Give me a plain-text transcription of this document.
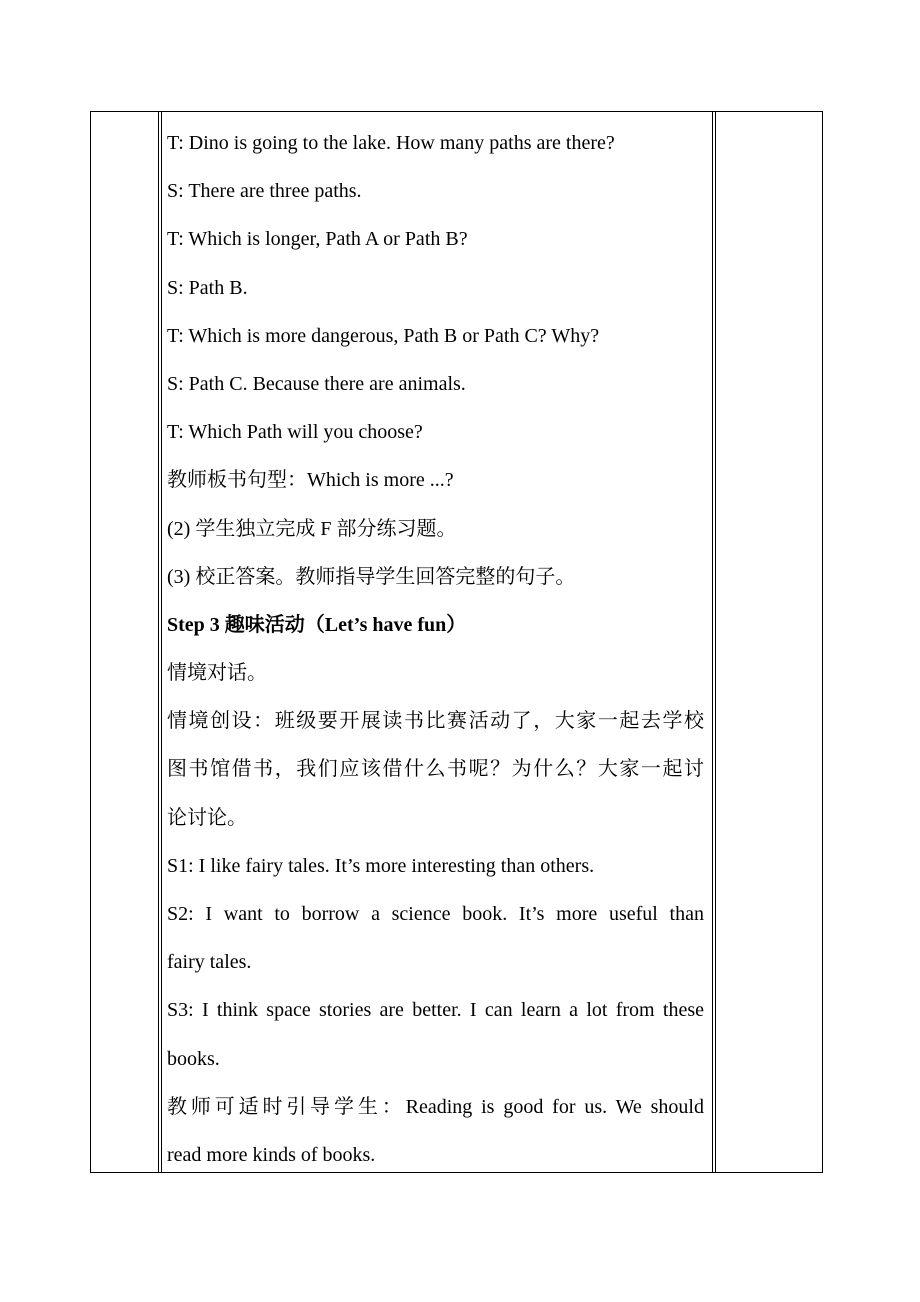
T: Dino is going to the lake. How many paths are there?
S: There are three paths.
T: Which is longer, Path A or Path B?
S: Path B.
T: Which is more dangerous, Path B or Path C? Why?
S: Path C. Because there are animals.
T: Which Path will you choose?
教师板书句型：Which is more ...?
(2) 学生独立完成 F 部分练习题。
(3) 校正答案。教师指导学生回答完整的句子。
Step 3 趣味活动（Let’s have fun）
情境对话。
情境创设：班级要开展读书比赛活动了，大家一起去学校
图书馆借书，我们应该借什么书呢？为什么？大家一起讨
论讨论。
S1: I like fairy tales. It’s more interesting than others.
S2: I want to borrow a science book. It’s more useful than
fairy tales.
S3: I think space stories are better. I can learn a lot from these
books.
教师可适时引导学生：Reading is good for us. We should
read more kinds of books.
